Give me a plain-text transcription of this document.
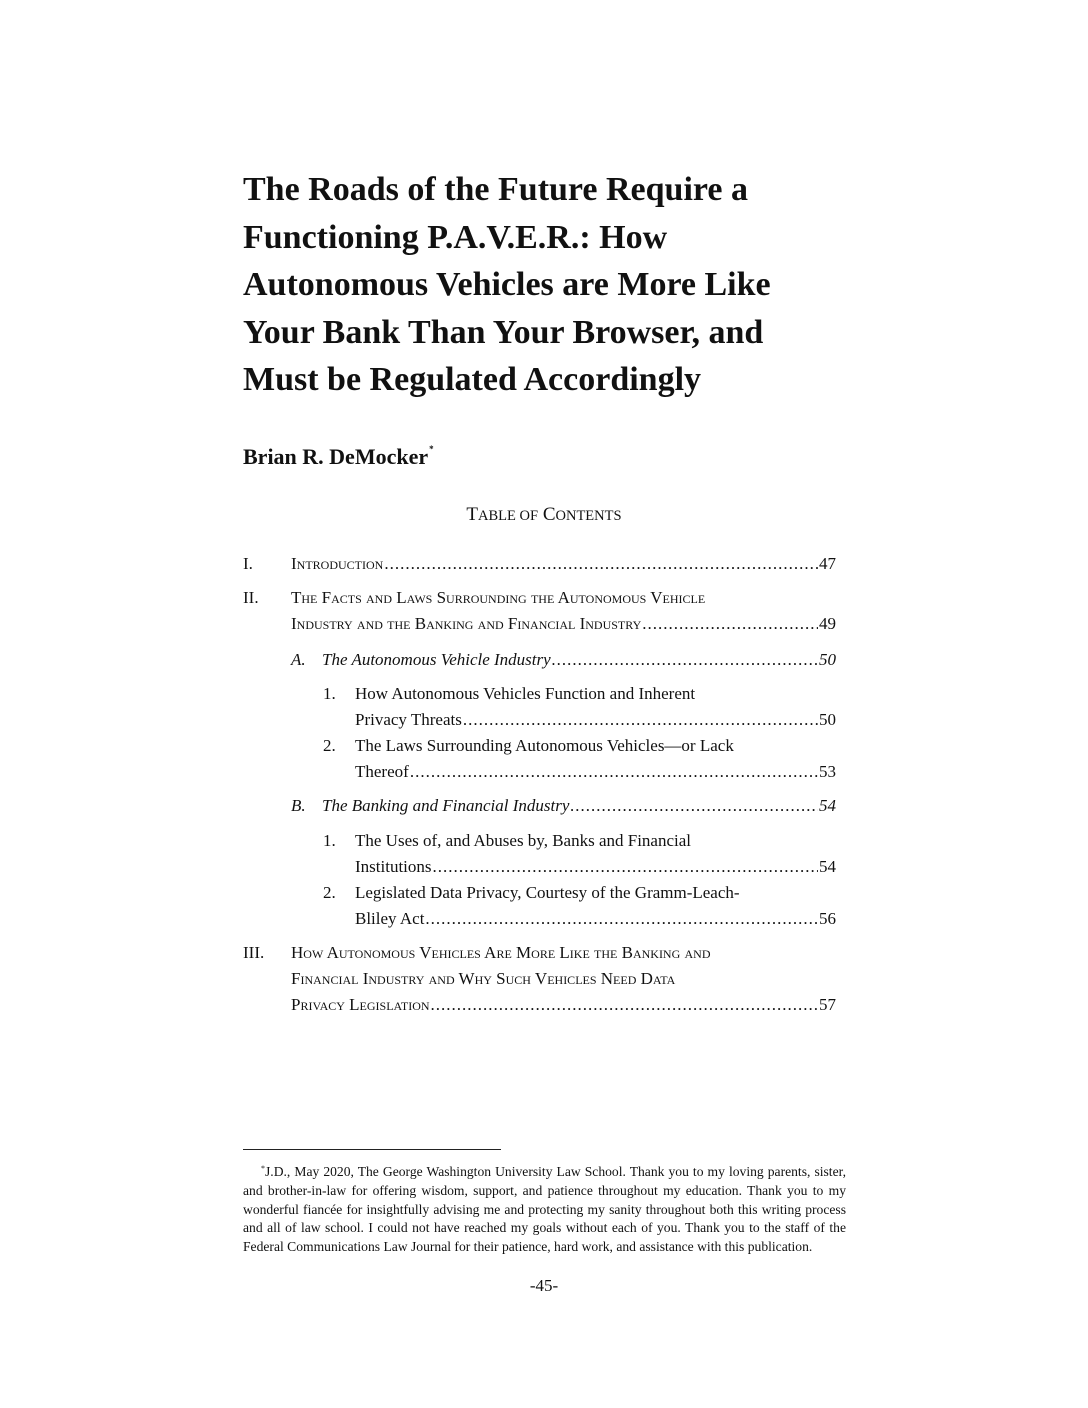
The Roads of the Future Require a
Functioning P.A.V.E.R.: How
Autonomous Vehicles are More Like
Your Bank Than Your Browser, and
Must be Regulated Accordingly
Brian R. DeMocker*
TABLE OF CONTENTS
I. Introduction .....	47
II. The Facts and Laws Surrounding the Autonomous Vehicle
Industry and the Banking and Financial Industry .....	49
A. The Autonomous Vehicle Industry .....	50
1. How Autonomous Vehicles Function and Inherent
Privacy Threats .....	50
2. The Laws Surrounding Autonomous Vehicles—or Lack
Thereof .....	53
B. The Banking and Financial Industry .....	54
1. The Uses of, and Abuses by, Banks and Financial
Institutions .....	54
2. Legislated Data Privacy, Courtesy of the Gramm-Leach-
Bliley Act .....	56
III. How Autonomous Vehicles Are More Like the Banking and
Financial Industry and Why Such Vehicles Need Data
Privacy Legislation .....	57

*J.D., May 2020, The George Washington University Law School. Thank you to my loving parents, sister, and brother-in-law for offering wisdom, support, and patience throughout my education. Thank you to my wonderful fiancée for insightfully advising me and protecting my sanity throughout both this writing process and all of law school. I could not have reached my goals without each of you. Thank you to the staff of the Federal Communications Law Journal for their patience, hard work, and assistance with this publication.

-45-
